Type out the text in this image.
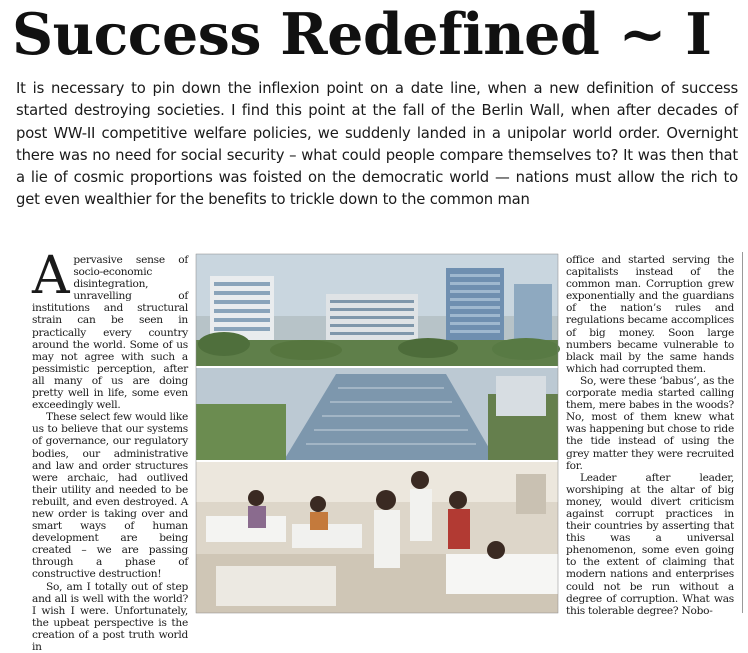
Success Redefined ~ I
It is necessary to pin down the inflexion point on a date line, when a new definition of success started destroying societies. I find this point at the fall of the Berlin Wall, when after decades of post WW-II competitive welfare policies, we suddenly landed in a unipolar world order. Overnight there was no need for social security – what could people compare themselves to? It was then that a lie of cosmic proportions was foisted on the democratic world — nations must allow the rich to get even wealthier for the benefits to trickle down to the common man

Apervasive sense of socio-economic disintegration, unravelling of institutions and structural strain can be seen in practically every country around the world. Some of us may not agree with such a pessimistic perception, after all many of us are doing pretty well in life, some even exceedingly well.

These select few would like us to believe that our systems of governance, our regulatory bodies, our administrative and law and order structures were archaic, had outlived their utility and needed to be rebuilt, and even destroyed. A new order is taking over and smart ways of human development are being created – we are passing through a phase of constructive destruction!

So, am I totally out of step and all is well with the world? I wish I were. Unfortunately, the upbeat perspective is the creation of a post truth world in

office and started serving the capitalists instead of the common man. Corruption grew exponentially and the guardians of the nation’s rules and regulations became accomplices of big money. Soon large numbers became vulnerable to black mail by the same hands which had corrupted them.

So, were these ‘babus’, as the corporate media started calling them, mere babes in the woods? No, most of them knew what was happening but chose to ride the tide instead of using the grey matter they were recruited for.

Leader after leader, worshiping at the altar of big money, would divert criticism against corrupt practices in their countries by asserting that this was a universal phenomenon, some even going to the extent of claiming that modern nations and enterprises could not be run without a degree of corruption. What was this tolerable degree? Nobo-
